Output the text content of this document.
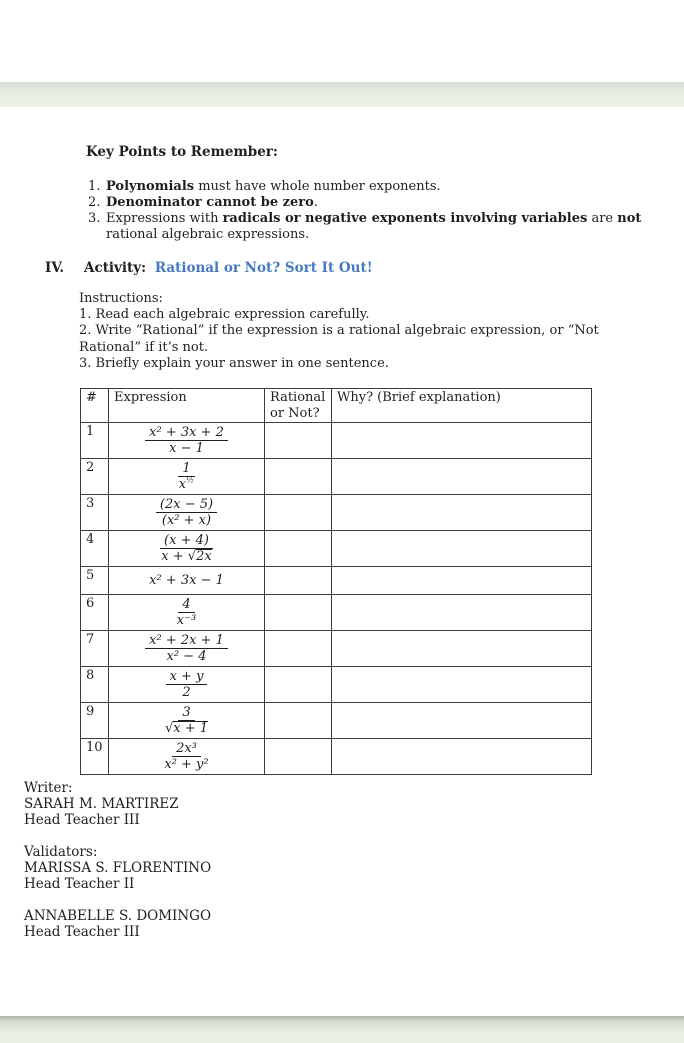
Key Points to Remember:
1. Polynomials must have whole number exponents.
2. Denominator cannot be zero.
3. Expressions with radicals or negative exponents involving variables are not rational algebraic expressions.
IV. Activity: Rational or Not? Sort It Out!

Instructions:

1. Read each algebraic expression carefully.

2. Write “Rational” if the expression is a rational algebraic expression, or “Not Rational” if it’s not.

3. Briefly explain your answer in one sentence.

#	Expression	Rational or Not?	Why? (Brief explanation)
1	$\frac{\text{x² + 3x + 2}}{x - 1}$

2	$\frac{1}{x^{\frac{1}{2}}}$

3	$\frac{(2x - 5)}{\text{(x² + x)}}$

4	$\frac{(x + 4)}{x + √2x}$

5	x² + 3x − 1		
6	$\frac{4}{\text{x⁻³}}$

7	$\frac{\text{x² + 2x + 1}}{\text{x² − 4}}$

8	$\frac{x + y}{2}$

9	$\frac{3}{√x + 1}$

10	$\frac{\text{2x³}}{\text{x² + y²}}$

Writer:

SARAH M. MARTIREZ

Head Teacher III

Validators:

MARISSA S. FLORENTINO

Head Teacher II

ANNABELLE S. DOMINGO

Head Teacher III
